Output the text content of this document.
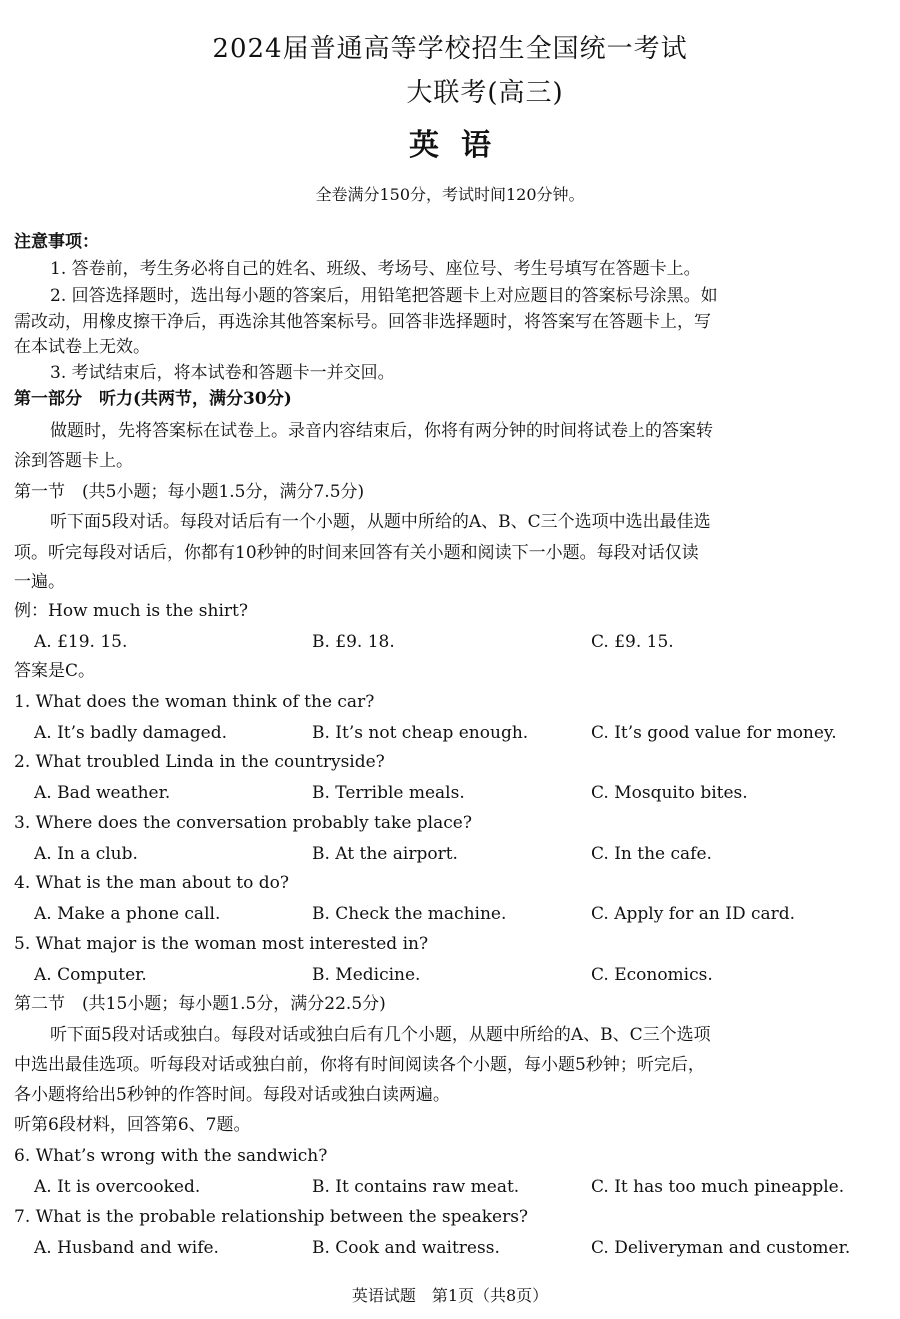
2024届普通高等学校招生全国统一考试
大联考(高三)
英语
全卷满分150分，考试时间120分钟。
注意事项：
1. 答卷前，考生务必将自己的姓名、班级、考场号、座位号、考生号填写在答题卡上。
2. 回答选择题时，选出每小题的答案后，用铅笔把答题卡上对应题目的答案标号涂黑。如
需改动，用橡皮擦干净后，再选涂其他答案标号。回答非选择题时，将答案写在答题卡上，写
在本试卷上无效。
3. 考试结束后，将本试卷和答题卡一并交回。
第一部分　听力(共两节，满分30分)
做题时，先将答案标在试卷上。录音内容结束后，你将有两分钟的时间将试卷上的答案转
涂到答题卡上。
第一节　(共5小题；每小题1.5分，满分7.5分)
听下面5段对话。每段对话后有一个小题，从题中所给的A、B、C三个选项中选出最佳选
项。听完每段对话后，你都有10秒钟的时间来回答有关小题和阅读下一小题。每段对话仅读
一遍。
例：How much is the shirt?
A. £19. 15.	B. £9. 18.	C. £9. 15.
答案是C。
1. What does the woman think of the car?
A. It’s badly damaged.	B. It’s not cheap enough.	C. It’s good value for money.
2. What troubled Linda in the countryside?
A. Bad weather.	B. Terrible meals.	C. Mosquito bites.
3. Where does the conversation probably take place?
A. In a club.	B. At the airport.	C. In the cafe.
4. What is the man about to do?
A. Make a phone call.	B. Check the machine.	C. Apply for an ID card.
5. What major is the woman most interested in?
A. Computer.	B. Medicine.	C. Economics.
第二节　(共15小题；每小题1.5分，满分22.5分)
听下面5段对话或独白。每段对话或独白后有几个小题，从题中所给的A、B、C三个选项
中选出最佳选项。听每段对话或独白前，你将有时间阅读各个小题，每小题5秒钟；听完后，
各小题将给出5秒钟的作答时间。每段对话或独白读两遍。
听第6段材料，回答第6、7题。
6. What’s wrong with the sandwich?
A. It is overcooked.	B. It contains raw meat.	C. It has too much pineapple.
7. What is the probable relationship between the speakers?
A. Husband and wife.	B. Cook and waitress.	C. Deliveryman and customer.
英语试题　第1页（共8页）
